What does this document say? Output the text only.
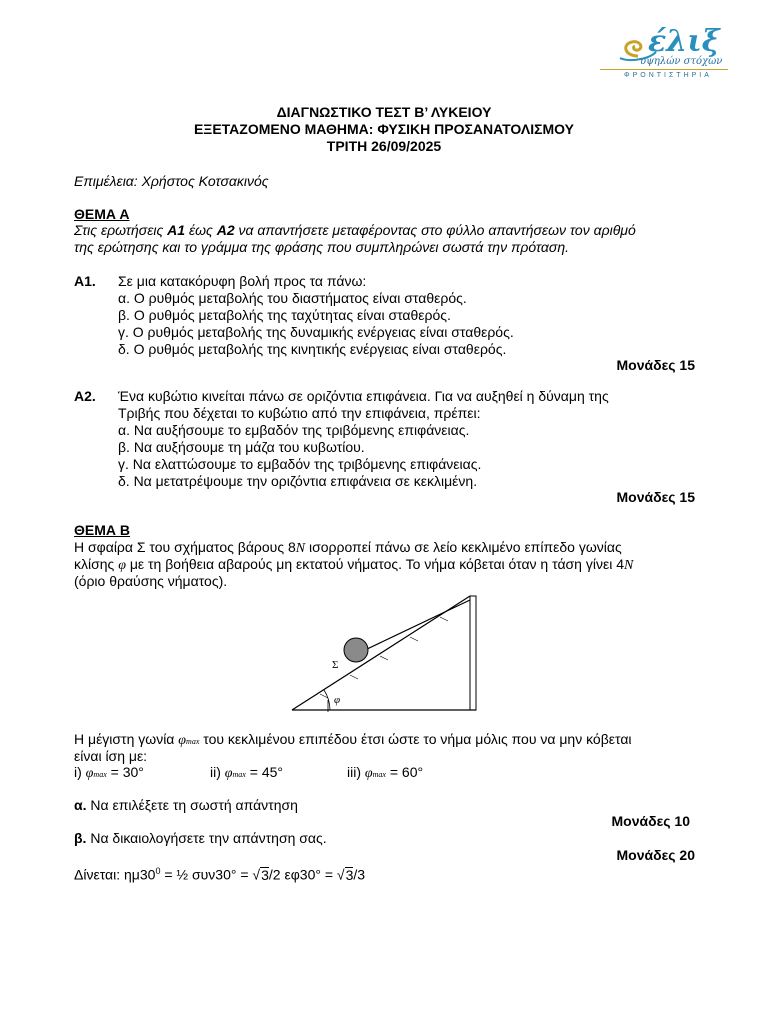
έλιξ
υψηλών στόχων
ΦΡΟΝΤΙΣΤΗΡΙΑ
ΔΙΑΓΝΩΣΤΙΚΟ ΤΕΣΤ Β’ ΛΥΚΕΙΟΥ
ΕΞΕΤΑΖΟΜΕΝΟ ΜΑΘΗΜΑ: ΦΥΣΙΚΗ ΠΡΟΣΑΝΑΤΟΛΙΣΜΟΥ
ΤΡΙΤΗ 26/09/2025
Επιμέλεια: Χρήστος Κοτσακινός
ΘΕΜΑ Α
Στις ερωτήσεις A1 έως A2 να απαντήσετε μεταφέροντας στο φύλλο απαντήσεων τον αριθμό
της ερώτησης και το γράμμα της φράσης που συμπληρώνει σωστά την πρόταση.
Α1. Σε μια κατακόρυφη βολή προς τα πάνω:
α. Ο ρυθμός μεταβολής του διαστήματος είναι σταθερός.
β. Ο ρυθμός μεταβολής της ταχύτητας είναι σταθερός.
γ. Ο ρυθμός μεταβολής της δυναμικής ενέργειας είναι σταθερός.
δ. Ο ρυθμός μεταβολής της κινητικής ενέργειας είναι σταθερός.
Μονάδες 15
Α2. Ένα κυβώτιο κινείται πάνω σε οριζόντια επιφάνεια. Για να αυξηθεί η δύναμη της
Τριβής που δέχεται το κυβώτιο από την επιφάνεια, πρέπει:
α. Να αυξήσουμε το εμβαδόν της τριβόμενης επιφάνειας.
β. Να αυξήσουμε τη μάζα του κυβωτίου.
γ. Να ελαττώσουμε το εμβαδόν της τριβόμενης επιφάνειας.
δ. Να μετατρέψουμε την οριζόντια επιφάνεια σε κεκλιμένη.
Μονάδες 15
ΘΕΜΑ Β
Η σφαίρα Σ του σχήματος βάρους 8N ισορροπεί πάνω σε λείο κεκλιμένο επίπεδο γωνίας
κλίσης φ με τη βοήθεια αβαρούς μη εκτατού νήματος. Το νήμα κόβεται όταν η τάση γίνει 4N
(όριο θραύσης νήματος).
Σ
φ
Η μέγιστη γωνία φmax του κεκλιμένου επιπέδου έτσι ώστε το νήμα μόλις που να μην κόβεται
είναι ίση με:
i) φmax = 30°	ii) φmax = 45°	iii) φmax = 60°
α. Να επιλέξετε τη σωστή απάντηση
Μονάδες 10
β. Να δικαιολογήσετε την απάντηση σας.
Μονάδες 20
Δίνεται: $\eta\mu 30^0$ = ½ συν30° = √3/2 εφ30° = √3/3
